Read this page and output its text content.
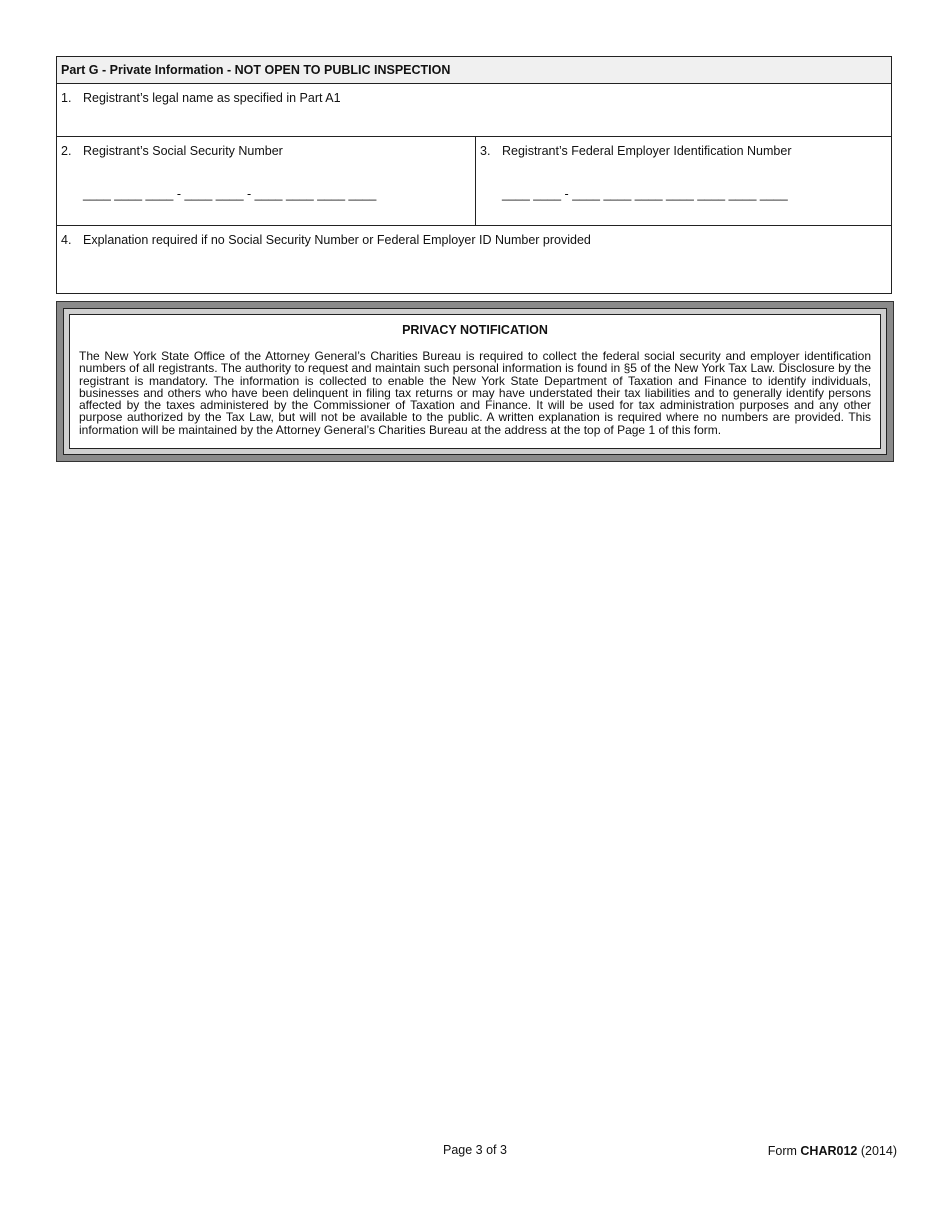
Part G - Private Information - NOT OPEN TO PUBLIC INSPECTION
1. Registrant’s legal name as specified in Part A1
2. Registrant’s Social Security Number
____ ____ ____ - ____ ____ - ____ ____ ____ ____
3. Registrant’s Federal Employer Identification Number
____ ____ - ____ ____ ____ ____ ____ ____ ____
4. Explanation required if no Social Security Number or Federal Employer ID Number provided
PRIVACY NOTIFICATION

The New York State Office of the Attorney General’s Charities Bureau is required to collect the federal social security and employer identification numbers of all registrants. The authority to request and maintain such personal information is found in §5 of the New York Tax Law. Disclosure by the registrant is mandatory. The information is collected to enable the New York State Department of Taxation and Finance to identify individuals, businesses and others who have been delinquent in filing tax returns or may have understated their tax liabilities and to generally identify persons affected by the taxes administered by the Commissioner of Taxation and Finance. It will be used for tax administration purposes and any other purpose authorized by the Tax Law, but will not be available to the public. A written explanation is required where no numbers are provided. This information will be maintained by the Attorney General’s Charities Bureau at the address at the top of Page 1 of this form.

Page 3 of 3	Form CHAR012 (2014)
